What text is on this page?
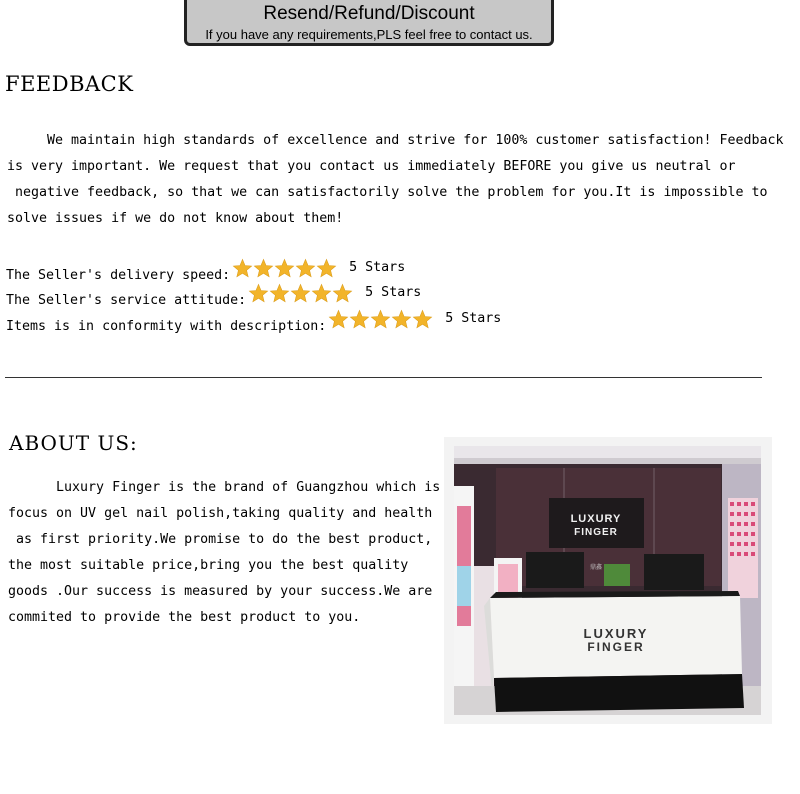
Resend/Refund/Discount
If you have any requirements,PLS feel free to contact us.
FEEDBACK
We maintain high standards of excellence and strive for 100% customer satisfaction! Feedback
is very important. We request that you contact us immediately BEFORE you give us neutral or
negative feedback, so that we can satisfactorily solve the problem for you.It is impossible to
solve issues if we do not know about them!
The Seller's delivery speed:
5 Stars
The Seller's service attitude:
5 Stars
Items is in conformity with description:
5 Stars
ABOUT US:
Luxury Finger is the brand of Guangzhou which is
focus on UV gel nail polish,taking quality and health
as first priority.We promise to do the best product,
the most suitable price,bring you the best quality
goods .Our success is measured by your success.We are
commited to provide the best product to you.
LUXURY
FINGER
鼎鑫
LUXURY
FINGER
